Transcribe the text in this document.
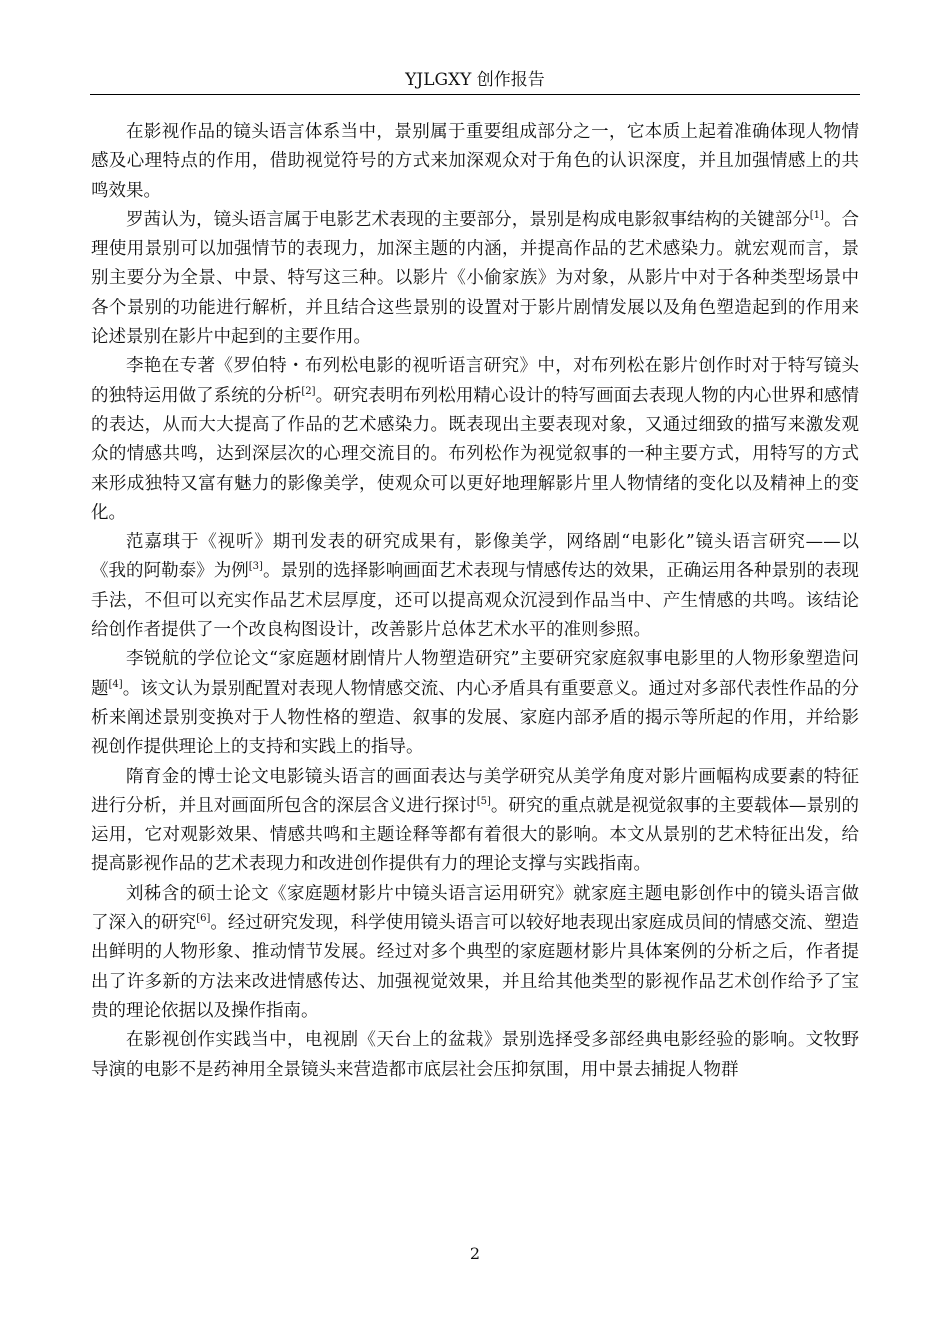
YJLGXY 创作报告

在影视作品的镜头语言体系当中，景别属于重要组成部分之一，它本质上起着准确体现人物情感及心理特点的作用，借助视觉符号的方式来加深观众对于角色的认识深度，并且加强情感上的共鸣效果。

罗茜认为，镜头语言属于电影艺术表现的主要部分，景别是构成电影叙事结构的关键部分[1]。合理使用景别可以加强情节的表现力，加深主题的内涵，并提高作品的艺术感染力。就宏观而言，景别主要分为全景、中景、特写这三种。以影片《小偷家族》为对象，从影片中对于各种类型场景中各个景别的功能进行解析，并且结合这些景别的设置对于影片剧情发展以及角色塑造起到的作用来论述景别在影片中起到的主要作用。

李艳在专著《罗伯特・布列松电影的视听语言研究》中，对布列松在影片创作时对于特写镜头的独特运用做了系统的分析[2]。研究表明布列松用精心设计的特写画面去表现人物的内心世界和感情的表达，从而大大提高了作品的艺术感染力。既表现出主要表现对象，又通过细致的描写来激发观众的情感共鸣，达到深层次的心理交流目的。布列松作为视觉叙事的一种主要方式，用特写的方式来形成独特又富有魅力的影像美学，使观众可以更好地理解影片里人物情绪的变化以及精神上的变化。

范嘉琪于《视听》期刊发表的研究成果有，影像美学，网络剧“电影化”镜头语言研究——以《我的阿勒泰》为例[3]。景别的选择影响画面艺术表现与情感传达的效果，正确运用各种景别的表现手法，不但可以充实作品艺术层厚度，还可以提高观众沉浸到作品当中、产生情感的共鸣。该结论给创作者提供了一个改良构图设计，改善影片总体艺术水平的准则参照。

李锐航的学位论文“家庭题材剧情片人物塑造研究”主要研究家庭叙事电影里的人物形象塑造问题[4]。该文认为景别配置对表现人物情感交流、内心矛盾具有重要意义。通过对多部代表性作品的分析来阐述景别变换对于人物性格的塑造、叙事的发展、家庭内部矛盾的揭示等所起的作用，并给影视创作提供理论上的支持和实践上的指导。

隋育金的博士论文电影镜头语言的画面表达与美学研究从美学角度对影片画幅构成要素的特征进行分析，并且对画面所包含的深层含义进行探讨[5]。研究的重点就是视觉叙事的主要载体—景别的运用，它对观影效果、情感共鸣和主题诠释等都有着很大的影响。本文从景别的艺术特征出发，给提高影视作品的艺术表现力和改进创作提供有力的理论支撑与实践指南。

刘秭含的硕士论文《家庭题材影片中镜头语言运用研究》就家庭主题电影创作中的镜头语言做了深入的研究[6]。经过研究发现，科学使用镜头语言可以较好地表现出家庭成员间的情感交流、塑造出鲜明的人物形象、推动情节发展。经过对多个典型的家庭题材影片具体案例的分析之后，作者提出了许多新的方法来改进情感传达、加强视觉效果，并且给其他类型的影视作品艺术创作给予了宝贵的理论依据以及操作指南。

在影视创作实践当中，电视剧《天台上的盆栽》景别选择受多部经典电影经验的影响。文牧野导演的电影不是药神用全景镜头来营造都市底层社会压抑氛围，用中景去捕捉人物群

2
